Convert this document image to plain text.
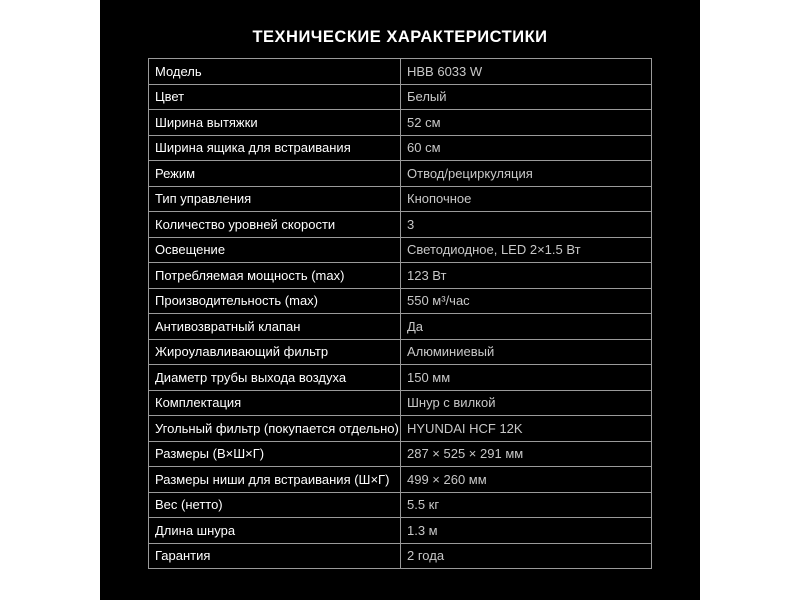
ТЕХНИЧЕСКИЕ ХАРАКТЕРИСТИКИ
Модель	HBB 6033 W
Цвет	Белый
Ширина вытяжки	52 см
Ширина ящика для встраивания	60 см
Режим	Отвод/рециркуляция
Тип управления	Кнопочное
Количество уровней скорости	3
Освещение	Светодиодное, LED 2×1.5 Вт
Потребляемая мощность (max)	123 Вт
Производительность (max)	550 м³/час
Антивозвратный клапан	Да
Жироулавливающий фильтр	Алюминиевый
Диаметр трубы выхода воздуха	150 мм
Комплектация	Шнур с вилкой
Угольный фильтр (покупается отдельно)	HYUNDAI HCF 12K
Размеры (В×Ш×Г)	287 × 525 × 291 мм
Размеры ниши для встраивания (Ш×Г)	499 × 260 мм
Вес (нетто)	5.5 кг
Длина шнура	1.3 м
Гарантия	2 года
